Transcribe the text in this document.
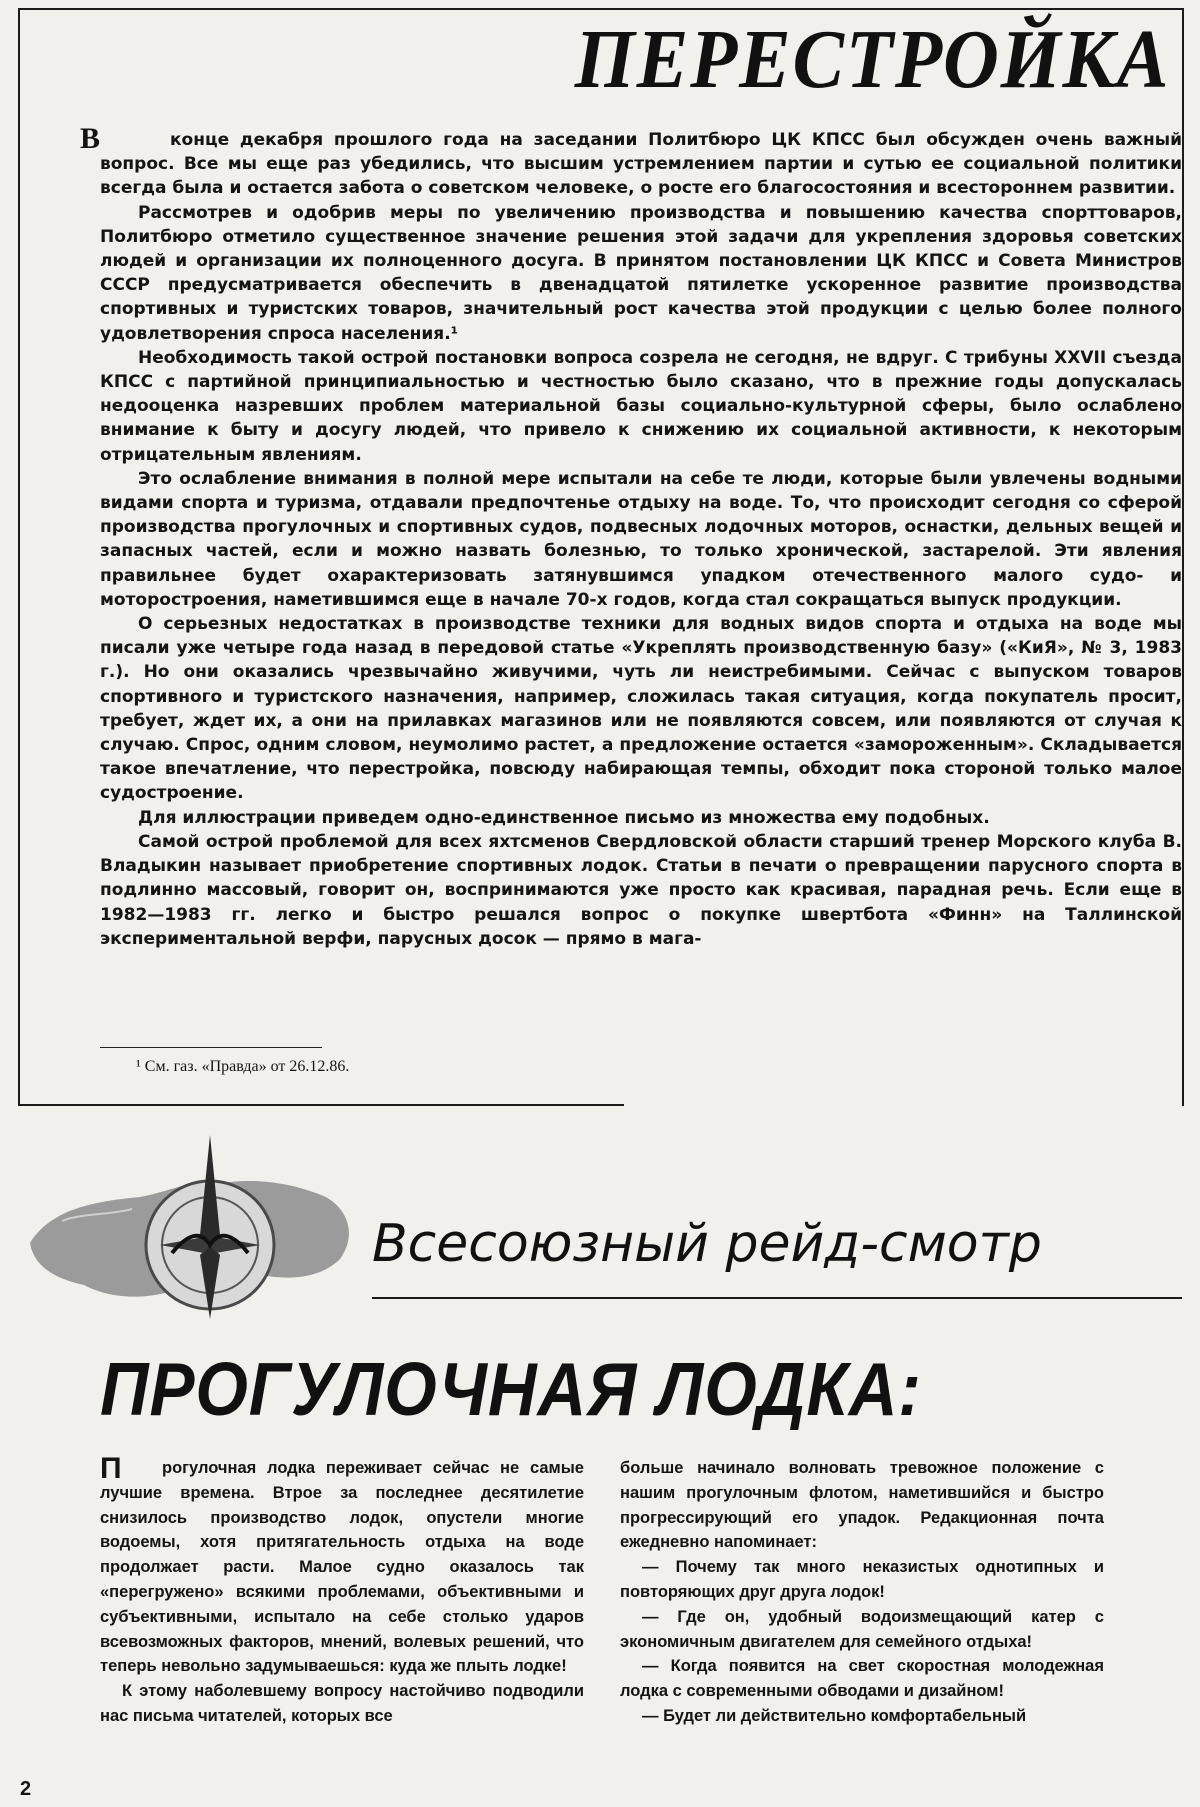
ПЕРЕСТРОЙКА
В	конце декабря прошлого года на заседании Политбюро ЦК КПСС был обсужден очень важный вопрос. Все мы еще раз убедились, что высшим устремлением партии и сутью ее социальной политики всегда была и остается забота о советском человеке, о росте его благосостояния и всестороннем развитии.

Рассмотрев и одобрив меры по увеличению производства и повышению качества спорттоваров, Политбюро отметило существенное значение решения этой задачи для укрепления здоровья советских людей и организации их полноценного досуга. В принятом постановлении ЦК КПСС и Совета Министров СССР предусматривается обеспечить в двенадцатой пятилетке ускоренное развитие производства спортивных и туристских товаров, значительный рост качества этой продукции с целью более полного удовлетворения спроса населения.¹

Необходимость такой острой постановки вопроса созрела не сегодня, не вдруг. С трибуны XXVII съезда КПСС с партийной принципиальностью и честностью было сказано, что в прежние годы допускалась недооценка назревших проблем материальной базы социально-культурной сферы, было ослаблено внимание к быту и досугу людей, что привело к снижению их социальной активности, к некоторым отрицательным явлениям.

Это ослабление внимания в полной мере испытали на себе те люди, которые были увлечены водными видами спорта и туризма, отдавали предпочтенье отдыху на воде. То, что происходит сегодня со сферой производства прогулочных и спортивных судов, подвесных лодочных моторов, оснастки, дельных вещей и запасных частей, если и можно назвать болезнью, то только хронической, застарелой. Эти явления правильнее будет охарактеризовать затянувшимся упадком отечественного малого судо- и моторостроения, наметившимся еще в начале 70-х годов, когда стал сокращаться выпуск продукции.

О серьезных недостатках в производстве техники для водных видов спорта и отдыха на воде мы писали уже четыре года назад в передовой статье «Укреплять производственную базу» («КиЯ», № 3, 1983 г.). Но они оказались чрезвычайно живучими, чуть ли неистребимыми. Сейчас с выпуском товаров спортивного и туристского назначения, например, сложилась такая ситуация, когда покупатель просит, требует, ждет их, а они на прилавках магазинов или не появляются совсем, или появляются от случая к случаю. Спрос, одним словом, неумолимо растет, а предложение остается «замороженным». Складывается такое впечатление, что перестройка, повсюду набирающая темпы, обходит пока стороной только малое судостроение.

Для иллюстрации приведем одно-единственное письмо из множества ему подобных.

Самой острой проблемой для всех яхтсменов Свердловской области старший тренер Морского клуба В. Владыкин называет приобретение спортивных лодок. Статьи в печати о превращении парусного спорта в подлинно массовый, говорит он, воспринимаются уже просто как красивая, парадная речь. Если еще в 1982—1983 гг. легко и быстро решался вопрос о покупке швертбота «Финн» на Таллинской экспериментальной верфи, парусных досок — прямо в мага-

¹ См. газ. «Правда» от 26.12.86.
Всесоюзный рейд-смотр
ПРОГУЛОЧНАЯ ЛОДКА:
П	рогулочная лодка переживает сейчас не самые лучшие времена. Втрое за последнее десятилетие снизилось производство лодок, опустели многие водоемы, хотя притягательность отдыха на воде продолжает расти. Малое судно оказалось так «перегружено» всякими проблемами, объективными и субъективными, испытало на себе столько ударов всевозможных факторов, мнений, волевых решений, что теперь невольно задумываешься: куда же плыть лодке!

К этому наболевшему вопросу настойчиво подводили нас письма читателей, которых все

больше начинало волновать тревожное положение с нашим прогулочным флотом, наметившийся и быстро прогрессирующий его упадок. Редакционная почта ежедневно напоминает:

— Почему так много неказистых однотипных и повторяющих друг друга лодок!

— Где он, удобный водоизмещающий катер с экономичным двигателем для семейного отдыха!

— Когда появится на свет скоростная молодежная лодка с современными обводами и дизайном!

— Будет ли действительно комфортабельный

2
